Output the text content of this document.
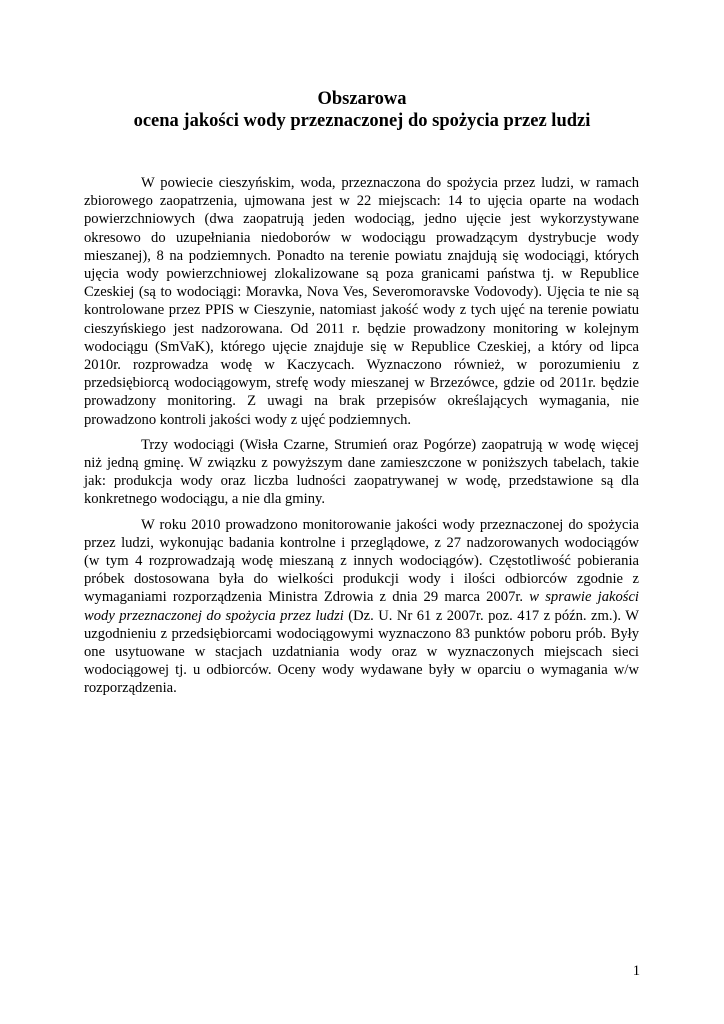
Obszarowa
ocena jakości wody przeznaczonej do spożycia przez ludzi

W powiecie cieszyńskim, woda, przeznaczona do spożycia przez ludzi, w ramach zbiorowego zaopatrzenia, ujmowana jest w 22 miejscach: 14 to ujęcia oparte na wodach powierzchniowych (dwa zaopatrują jeden wodociąg, jedno ujęcie jest wykorzystywane okresowo do uzupełniania niedoborów w wodociągu prowadzącym dystrybucje wody mieszanej), 8 na podziemnych. Ponadto na terenie powiatu znajdują się wodociągi, których ujęcia wody powierzchniowej zlokalizowane są poza granicami państwa tj. w Republice Czeskiej (są to wodociągi: Moravka, Nova Ves, Severomoravske Vodovody). Ujęcia te nie są kontrolowane przez PPIS w Cieszynie, natomiast jakość wody z tych ujęć na terenie powiatu cieszyńskiego jest nadzorowana. Od 2011 r. będzie prowadzony monitoring w kolejnym wodociągu (SmVaK), którego ujęcie znajduje się w Republice Czeskiej, a który od lipca 2010r. rozprowadza wodę w Kaczycach. Wyznaczono również, w porozumieniu z przedsiębiorcą wodociągowym, strefę wody mieszanej w Brzezówce, gdzie od 2011r. będzie prowadzony monitoring. Z uwagi na brak przepisów określających wymagania, nie prowadzono kontroli jakości wody z ujęć podziemnych.

Trzy wodociągi (Wisła Czarne, Strumień oraz Pogórze) zaopatrują w wodę więcej niż jedną gminę. W związku z powyższym dane zamieszczone w poniższych tabelach, takie jak: produkcja wody oraz liczba ludności zaopatrywanej w wodę, przedstawione są dla konkretnego wodociągu, a nie dla gminy.

W roku 2010 prowadzono monitorowanie jakości wody przeznaczonej do spożycia przez ludzi, wykonując badania kontrolne i przeglądowe, z 27 nadzorowanych wodociągów (w tym 4 rozprowadzają wodę mieszaną z innych wodociągów). Częstotliwość pobierania próbek dostosowana była do wielkości produkcji wody i ilości odbiorców zgodnie z wymaganiami rozporządzenia Ministra Zdrowia z dnia 29 marca 2007r. w sprawie jakości wody przeznaczonej do spożycia przez ludzi (Dz. U. Nr 61 z 2007r. poz. 417 z późn. zm.). W uzgodnieniu z przedsiębiorcami wodociągowymi wyznaczono 83 punktów poboru prób. Były one usytuowane w stacjach uzdatniania wody oraz w wyznaczonych miejscach sieci wodociągowej tj. u odbiorców. Oceny wody wydawane były w oparciu o wymagania w/w rozporządzenia.

1
